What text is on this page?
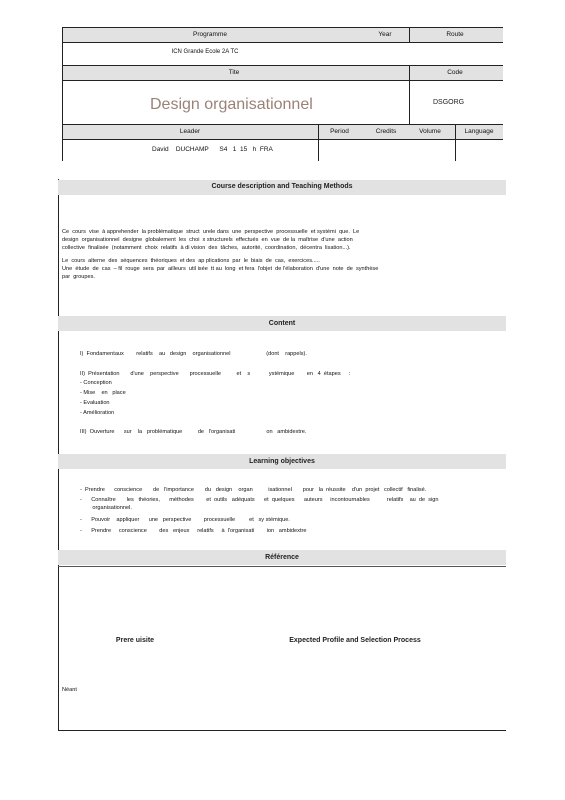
Programme	Year	Route
ICN Grande Ecole 2A TC
Tite	Code
Design organisationnel	DSGORG
Leader	Period	Credits	Volume	Language
David    DUCHAMP      S4   1  15   h  FRA
Course description and Teaching Methods
Ce  cours  vise  à apprehender  la problématique  struct  urele dans  une  perspective  processuelle  et systémi  que.  Le
design  organisationnel  designe  globalement  les  choi  x structurels  effectués  en  vue  de la  maîtrise  d'une  action
collective  finalisée  (notamment  choix  relatifs  à di vision  des  tâches,  autorité,  coordination,  décentra  lisation...).
Le  cours  alterne  des  séquences  théoriques  et des  ap plications  par  le  biais  de  cas,  exercices.....
Une  étude  de  cas  – fil  rouge  sera  par  ailleurs  util isée  tt au  long  et fera  l'objet  de l'élaboration  d'une  note  de  synthèse
par  groupes.
Content
I)  Fondamentaux        relatifs    au   design    organisationnel                       (dont    rappels).
II)  Présentation       d'une    perspective       processuelle          et    s            ystémique        en   4  étapes     :
- Conception
- Mise    en   place
- Evaluation
- Amélioration
III)  Ouverture      sur    la   problématique          de   l'organisati                    on   ambidextre.
Learning objectives
-  Prendre      conscience       de   l'importance       du   design    organ          isationnel       pour   la  réussite    d'un  projet   collectif   finalisé.
-      Connaître       les   théories,      méthodes        et  outils   adéquats      et  quelques      auteurs     incontournables           relatifs    au  de  sign
organisationnel.
-      Pouvoir    appliquer      une   perspective        processuelle         et   sy stémique.
-      Prendre     conscience        des   enjeux     relatifs     à  l'organisati        ion   ambidextre
Référence
Prere uisite	Expected Profile and Selection Process
Néant
